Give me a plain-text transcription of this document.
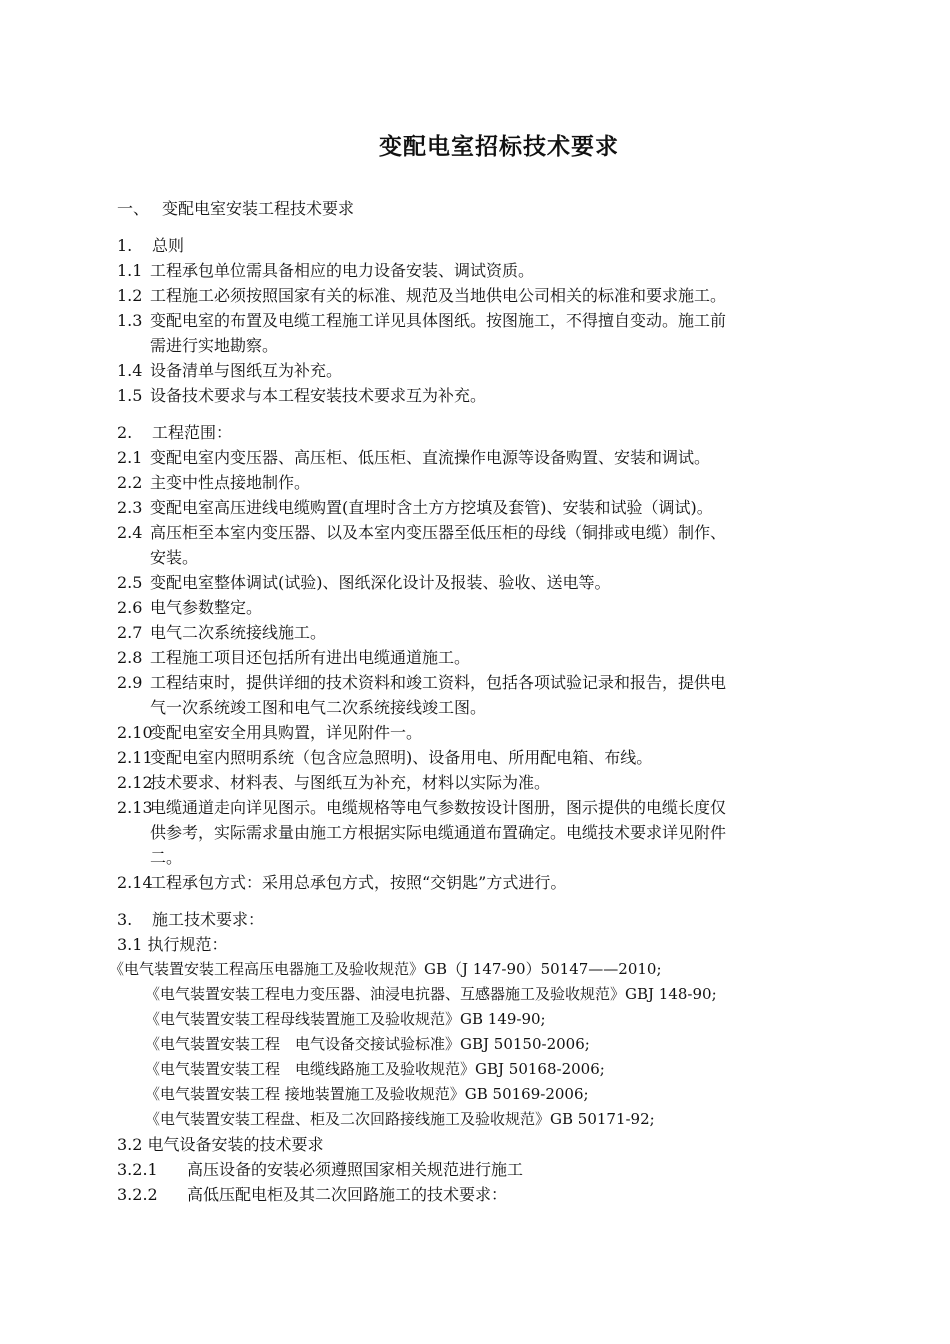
变配电室招标技术要求
一、 变配电室安装工程技术要求
1.	总则
1.1 工程承包单位需具备相应的电力设备安装、调试资质。
1.2 工程施工必须按照国家有关的标准、规范及当地供电公司相关的标准和要求施工。
1.3 变配电室的布置及电缆工程施工详见具体图纸。按图施工，不得擅自变动。施工前
需进行实地勘察。
1.4 设备清单与图纸互为补充。
1.5 设备技术要求与本工程安装技术要求互为补充。
2.	工程范围：
2.1 变配电室内变压器、高压柜、低压柜、直流操作电源等设备购置、安装和调试。
2.2 主变中性点接地制作。
2.3 变配电室高压进线电缆购置(直埋时含土方方挖填及套管)、安装和试验（调试)。
2.4 高压柜至本室内变压器、以及本室内变压器至低压柜的母线（铜排或电缆）制作、
安装。
2.5 变配电室整体调试(试验)、图纸深化设计及报装、验收、送电等。
2.6 电气参数整定。
2.7 电气二次系统接线施工。
2.8 工程施工项目还包括所有进出电缆通道施工。
2.9 工程结束时，提供详细的技术资料和竣工资料，包括各项试验记录和报告，提供电
气一次系统竣工图和电气二次系统接线竣工图。
2.10
变配电室安全用具购置，详见附件一。
2.11
变配电室内照明系统（包含应急照明)、设备用电、所用配电箱、布线。
2.12
技术要求、材料表、与图纸互为补充，材料以实际为准。
2.13
电缆通道走向详见图示。电缆规格等电气参数按设计图册，图示提供的电缆长度仅
供参考，实际需求量由施工方根据实际电缆通道布置确定。电缆技术要求详见附件
二。
2.14
工程承包方式：采用总承包方式，按照“交钥匙”方式进行。
3.	施工技术要求：
3.1 执行规范：
《电气装置安装工程高压电器施工及验收规范》GB（J 147-90）50147——2010;
《电气装置安装工程电力变压器、油浸电抗器、互感器施工及验收规范》GBJ 148-90;
《电气装置安装工程母线装置施工及验收规范》GB 149-90;
《电气装置安装工程　电气设备交接试验标准》GBJ 50150-2006;
《电气装置安装工程　电缆线路施工及验收规范》GBJ 50168-2006;
《电气装置安装工程 接地装置施工及验收规范》GB 50169-2006;
《电气装置安装工程盘、柜及二次回路接线施工及验收规范》GB 50171-92;
3.2 电气设备安装的技术要求
3.2.1	高压设备的安装必须遵照国家相关规范进行施工
3.2.2	高低压配电柜及其二次回路施工的技术要求：
